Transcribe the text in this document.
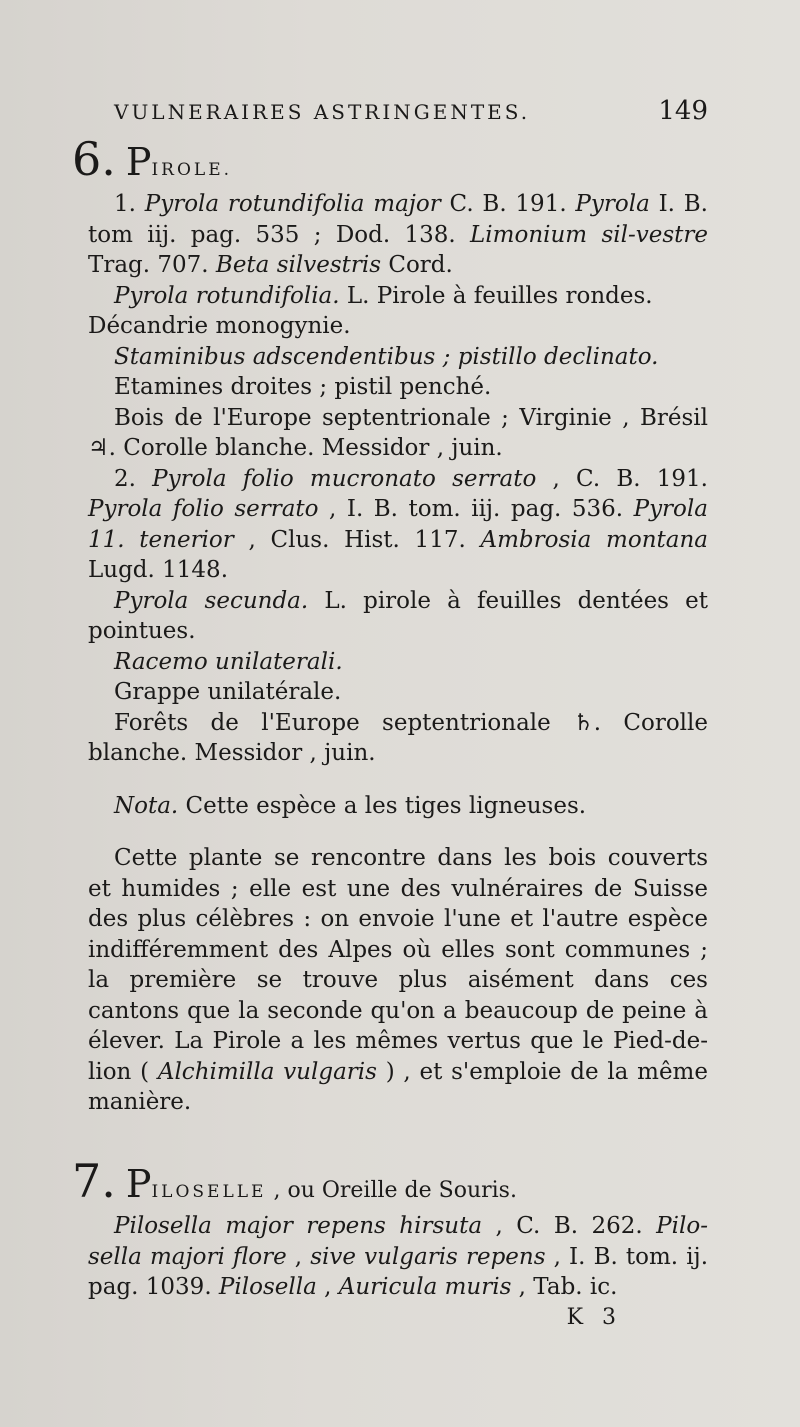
VULNERAIRES ASTRINGENTES.	149
6. PIROLE.

1. Pyrola rotundifolia major C. B. 191. Pyrola I. B. tom iij. pag. 535 ; Dod. 138. Limonium sil-vestre Trag. 707. Beta silvestris Cord.

Pyrola rotundifolia. L. Pirole à feuilles rondes.

Décandrie monogynie.

Staminibus adscendentibus ; pistillo declinato.

Etamines droites ; pistil penché.

Bois de l'Europe septentrionale ; Virginie , Brésil ♃. Corolle blanche. Messidor , juin.

2. Pyrola folio mucronato serrato , C. B. 191. Pyrola folio serrato , I. B. tom. iij. pag. 536. Pyrola 11. tenerior , Clus. Hist. 117. Ambrosia montana Lugd. 1148.

Pyrola secunda. L. pirole à feuilles dentées et pointues.

Racemo unilaterali.

Grappe unilatérale.

Forêts de l'Europe septentrionale ♄. Corolle blanche. Messidor , juin.

Nota. Cette espèce a les tiges ligneuses.

Cette plante se rencontre dans les bois couverts et humides ; elle est une des vulnéraires de Suisse des plus célèbres : on envoie l'une et l'autre espèce indifféremment des Alpes où elles sont communes ; la première se trouve plus aisément dans ces cantons que la seconde qu'on a beaucoup de peine à élever. La Pirole a les mêmes vertus que le Pied-de-lion ( Alchimilla vulgaris ) , et s'emploie de la même manière.

7. PILOSELLE , ou Oreille de Souris.

Pilosella major repens hirsuta , C. B. 262. Pilo-sella majori flore , sive vulgaris repens , I. B. tom. ij. pag. 1039. Pilosella , Auricula muris , Tab. ic.

K 3
